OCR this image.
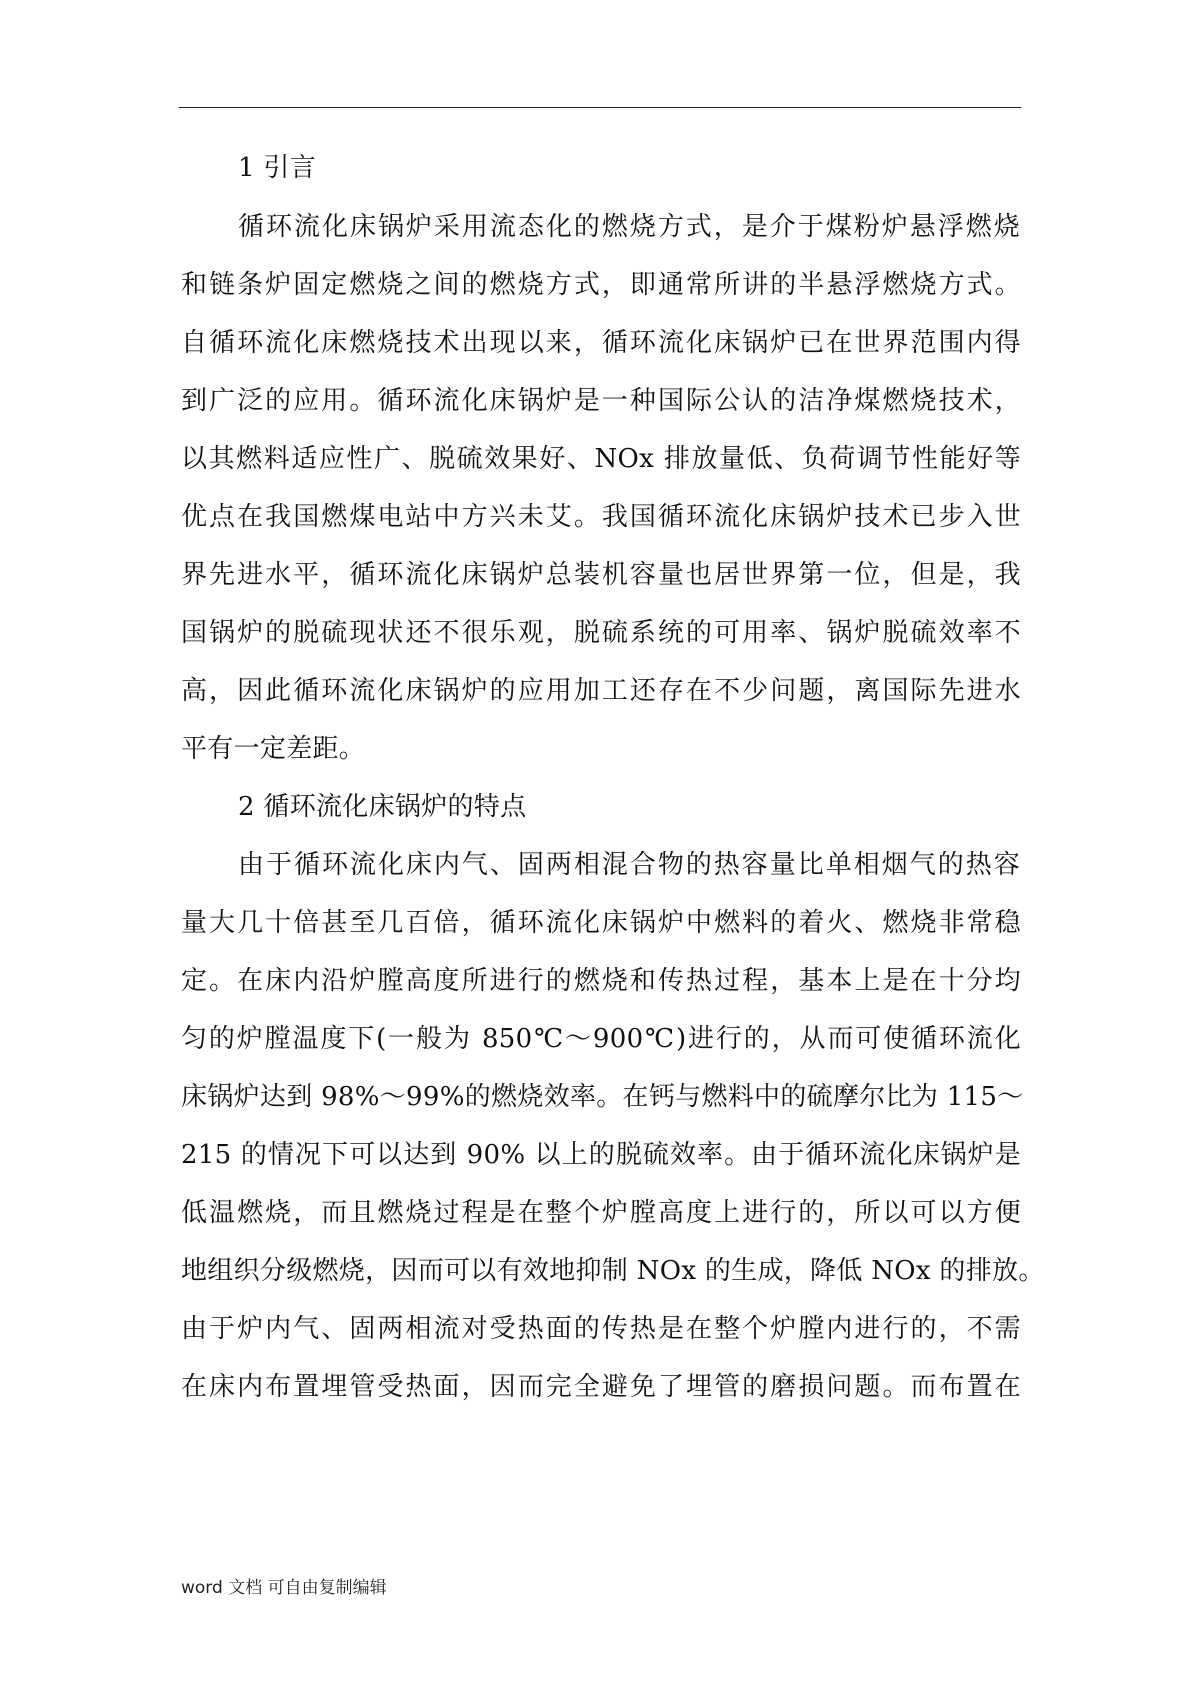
1 引言

循环流化床锅炉采用流态化的燃烧方式，是介于煤粉炉悬浮燃烧

和链条炉固定燃烧之间的燃烧方式，即通常所讲的半悬浮燃烧方式。

自循环流化床燃烧技术出现以来，循环流化床锅炉已在世界范围内得

到广泛的应用。循环流化床锅炉是一种国际公认的洁净煤燃烧技术，

以其燃料适应性广、脱硫效果好、NOx 排放量低、负荷调节性能好等

优点在我国燃煤电站中方兴未艾。我国循环流化床锅炉技术已步入世

界先进水平，循环流化床锅炉总装机容量也居世界第一位，但是，我

国锅炉的脱硫现状还不很乐观，脱硫系统的可用率、锅炉脱硫效率不

高，因此循环流化床锅炉的应用加工还存在不少问题，离国际先进水

平有一定差距。

2 循环流化床锅炉的特点

由于循环流化床内气、固两相混合物的热容量比单相烟气的热容

量大几十倍甚至几百倍，循环流化床锅炉中燃料的着火、燃烧非常稳

定。在床内沿炉膛高度所进行的燃烧和传热过程，基本上是在十分均

匀的炉膛温度下(一般为 850℃～900℃)进行的，从而可使循环流化

床锅炉达到 98%～99%的燃烧效率。在钙与燃料中的硫摩尔比为 115～

215 的情况下可以达到 90% 以上的脱硫效率。由于循环流化床锅炉是

低温燃烧，而且燃烧过程是在整个炉膛高度上进行的，所以可以方便

地组织分级燃烧，因而可以有效地抑制 NOx 的生成，降低 NOx 的排放。

由于炉内气、固两相流对受热面的传热是在整个炉膛内进行的，不需

在床内布置埋管受热面，因而完全避免了埋管的磨损问题。而布置在

word 文档 可自由复制编辑
